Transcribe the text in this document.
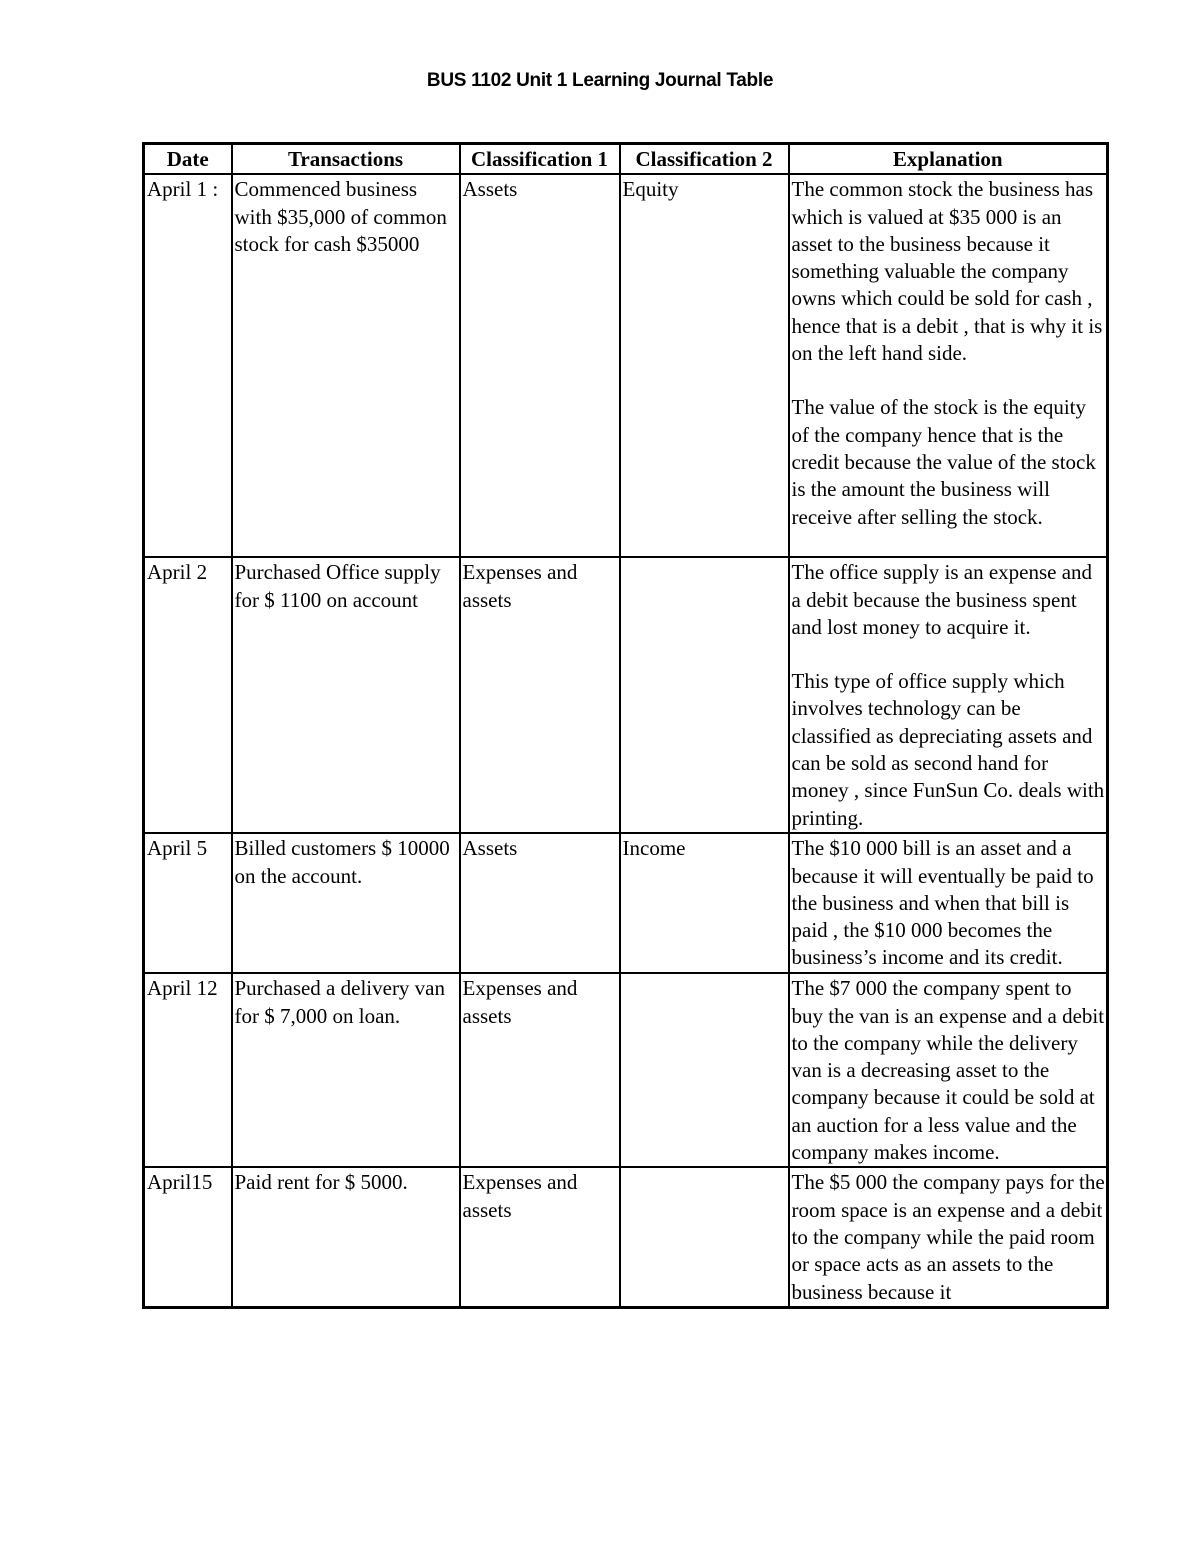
BUS 1102 Unit 1 Learning Journal Table
Date	Transactions	Classification 1	Classification 2	Explanation
April 1 :	Commenced business with $35,000 of common stock for cash $35000	Assets	Equity	The common stock the business has which is valued at $35 000 is an asset to the business because it something valuable the company owns which could be sold for cash , hence that is a debit , that is why it is on the left hand side.
The value of the stock is the equity of the company hence that is the credit because the value of the stock is the amount the business will receive after selling the stock.

April 2	Purchased Office supply for $ 1100 on account	Expenses and assets		The office supply is an expense and a debit because the business spent and lost money to acquire it.
This type of office supply which involves technology can be classified as depreciating assets and can be sold as second hand for money , since FunSun Co. deals with printing.

April 5	Billed customers $ 10000 on the account.	Assets	Income	The $10 000 bill is an asset and a because it will eventually be paid to the business and when that bill is paid , the $10 000 becomes the business’s income and its credit.

April 12	Purchased a delivery van for $ 7,000 on loan.	Expenses and assets		The $7 000 the company spent to buy the van is an expense and a debit to the company while the delivery van is a decreasing asset to the company because it could be sold at an auction for a less value and the company makes income.

April15	Paid rent for $ 5000.	Expenses and assets		The $5 000 the company pays for the room space is an expense and a debit to the company while the paid room or space acts as an assets to the business because it
